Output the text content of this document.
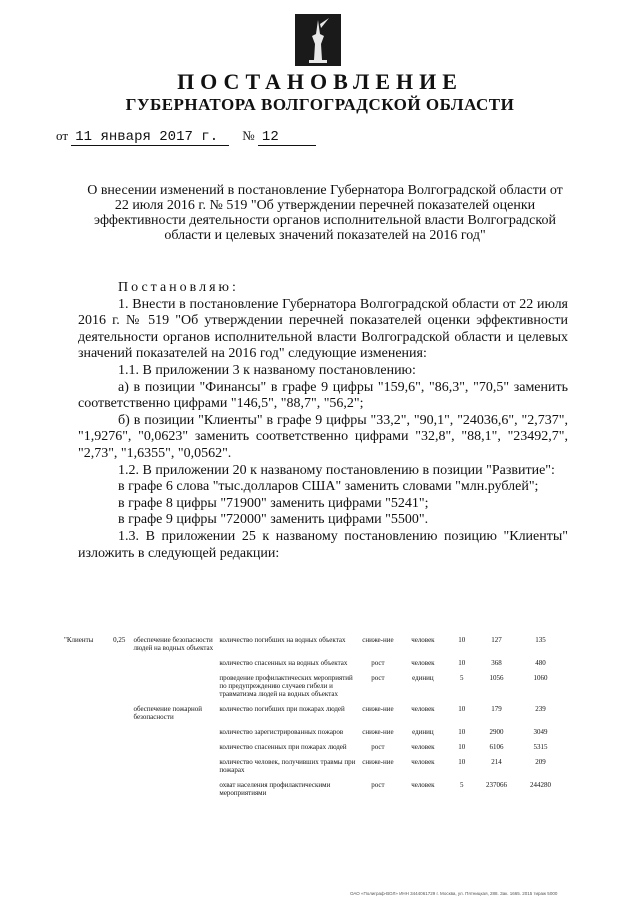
ПОСТАНОВЛЕНИЕ
ГУБЕРНАТОРА ВОЛГОГРАДСКОЙ ОБЛАСТИ
от 11 января 2017 г. № 12
О внесении изменений в постановление Губернатора Волгоградской области от 22 июля 2016 г. № 519 "Об утверждении перечней показателей оценки эффективности деятельности органов исполнительной власти Волгоградской области и целевых значений показателей на 2016 год"

Постановляю:

1. Внести в постановление Губернатора Волгоградской области от 22 июля 2016 г. № 519 "Об утверждении перечней показателей оценки эффективности деятельности органов исполнительной власти Волгоградской области и целевых значений показателей на 2016 год" следующие изменения:

1.1. В приложении 3 к названому постановлению:

а) в позиции "Финансы" в графе 9 цифры "159,6", "86,3", "70,5" заменить соответственно цифрами "146,5", "88,7", "56,2";

б) в позиции "Клиенты" в графе 9 цифры "33,2", "90,1", "24036,6", "2,737", "1,9276", "0,0623" заменить соответственно цифрами "32,8", "88,1", "23492,7", "2,73", "1,6355", "0,0562".

1.2. В приложении 20 к названому постановлению в позиции "Развитие":

в графе 6 слова "тыс.долларов США" заменить словами "млн.рублей";

в графе 8 цифры "71900" заменить цифрами "5241";

в графе 9 цифры "72000" заменить цифрами "5500".

1.3. В приложении 25 к названому постановлению позицию "Клиенты" изложить в следующей редакции:

"Клиенты	0,25	обеспечение безопасности людей на водных объектах	количество погибших на водных объектах	сниже-ние	человек	10	127	135
			количество спасенных на водных объектах	рост	человек	10	368	480
			проведение профилактических мероприятий по предупреждению случаев гибели и травматизма людей на водных объектах	рост	единиц	5	1056	1060
		обеспечение пожарной безопасности	количество погибших при пожарах людей	сниже-ние	человек	10	179	239
			количество зарегистрированных пожаров	сниже-ние	единиц	10	2900	3049
			количество спасенных при пожарах людей	рост	человек	10	6106	5315
			количество человек, получивших травмы при пожарах	сниже-ние	человек	10	214	209
			охват населения профилактическими мероприятиями	рост	человек	5	237066	244280
ОАО «Полиграф-ВОЛ» ИНН 3444061729 г. Москва, ул. Пятницкая, 288. Зак. 1665. 2015 тираж 5000
